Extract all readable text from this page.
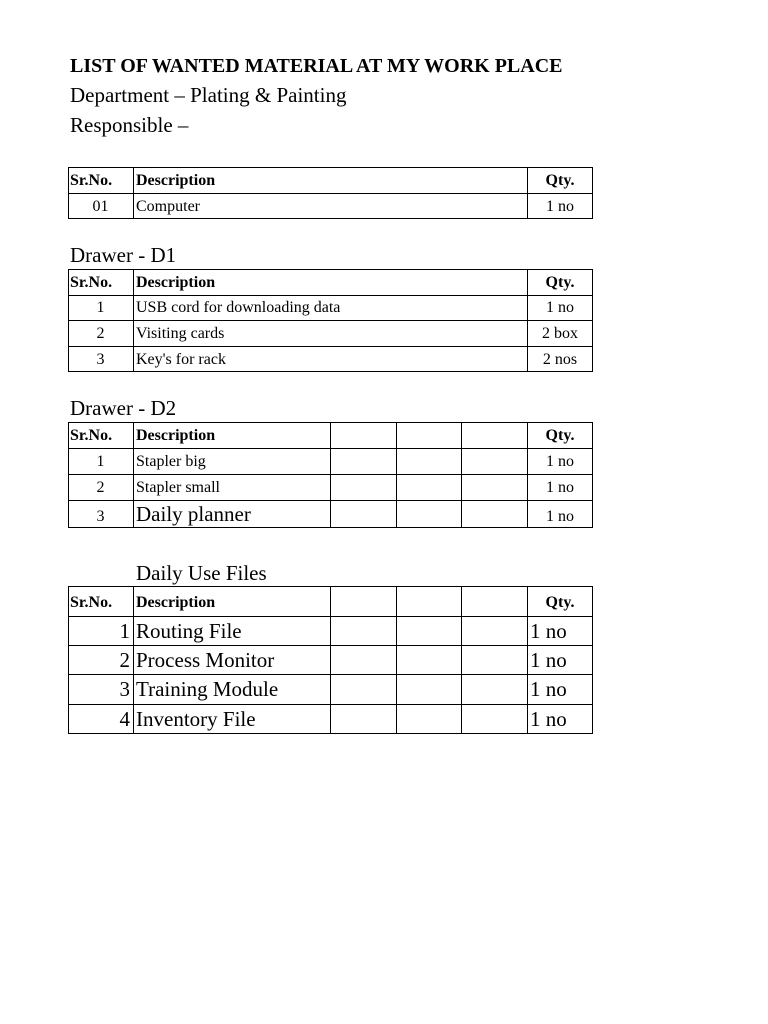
LIST OF WANTED MATERIAL AT MY WORK PLACE
Department – Plating & Painting
Responsible –
Sr.No. Description	Qty.
01	Computer	1 no
Drawer - D1
Sr.No. Description	Qty.
1	USB cord for downloading data	1 no
2	Visiting cards	2 box
3	Key's for rack	2 nos
Drawer - D2
Sr.No. Description	Qty.
1	Stapler big	1 no
2	Stapler small	1 no
3	Daily planner	1 no
Daily Use Files
Sr.No. Description	Qty.
1 Routing File	1 no
2 Process Monitor	1 no
3 Training Module	1 no
4 Inventory File	1 no
